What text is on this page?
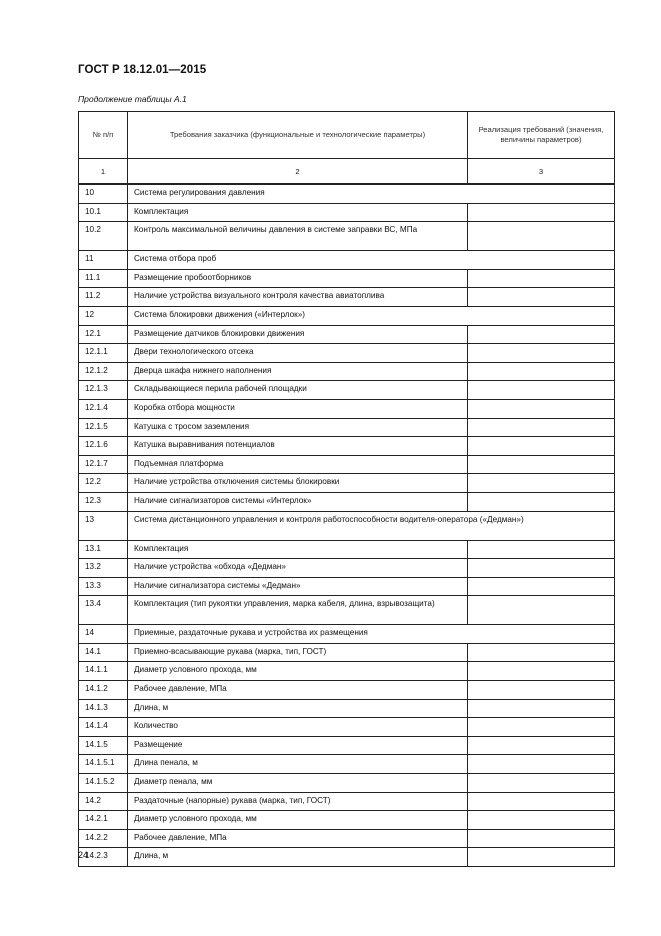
ГОСТ Р 18.12.01—2015
Продолжение таблицы А.1
№ п/п	Требования заказчика (функциональные и технологические параметры)	Реализация требований (значения, величины параметров)
1	2	3
10	Система регулирования давления	
10.1	Комплектация	
10.2	Контроль максимальной величины давления в системе заправки ВС, МПа	
11	Система отбора проб	
11.1	Размещение пробоотборников	
11.2	Наличие устройства визуального контроля качества авиатоплива	
12	Система блокировки движения («Интерлок»)	
12.1	Размещение датчиков блокировки движения	
12.1.1	Двери технологического отсека	
12.1.2	Дверца шкафа нижнего наполнения	
12.1.3	Складывающиеся перила рабочей площадки	
12.1.4	Коробка отбора мощности	
12.1.5	Катушка с тросом заземления	
12.1.6	Катушка выравнивания потенциалов	
12.1.7	Подъемная платформа	
12.2	Наличие устройства отключения системы блокировки	
12.3	Наличие сигнализаторов системы «Интерлок»	
13	Система дистанционного управления и контроля работоспособности водителя-оператора («Дедман»)	
13.1	Комплектация	
13.2	Наличие устройства «обхода «Дедман»	
13.3	Наличие сигнализатора системы «Дедман»	
13.4	Комплектация (тип рукоятки управления, марка кабеля, длина, взрывозащита)	
14	Приемные, раздаточные рукава и устройства их размещения	
14.1	Приемно-всасывающие рукава (марка, тип, ГОСТ)	
14.1.1	Диаметр условного прохода, мм	
14.1.2	Рабочее давление, МПа	
14.1.3	Длина, м	
14.1.4	Количество	
14.1.5	Размещение	
14.1.5.1	Длина пенала, м	
14.1.5.2	Диаметр пенала, мм	
14.2	Раздаточные (напорные) рукава (марка, тип, ГОСТ)	
14.2.1	Диаметр условного прохода, мм	
14.2.2	Рабочее давление, МПа	
14.2.3	Длина, м	
24
